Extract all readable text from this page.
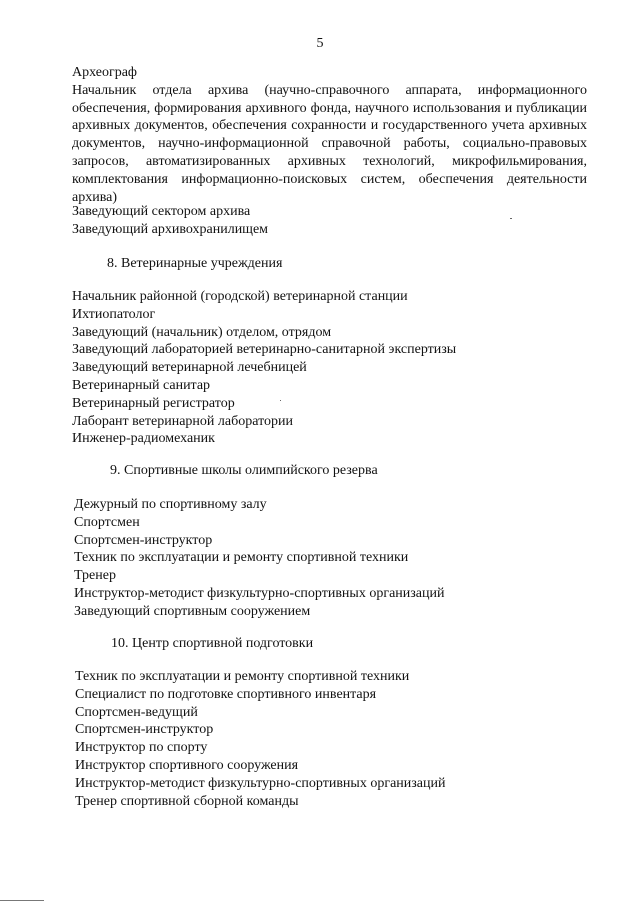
5
Археограф
Начальник отдела архива (научно-справочного аппарата, информационного обеспечения, формирования архивного фонда, научного использования и публикации архивных документов, обеспечения сохранности и государственного учета архивных документов, научно-информационной справочной работы, социально-правовых запросов, автоматизированных архивных технологий, микрофильмирования, комплектования информационно-поисковых систем, обеспечения деятельности архива)
Заведующий сектором архива
Заведующий архивохранилищем
8. Ветеринарные учреждения
Начальник районной (городской) ветеринарной станции
Ихтиопатолог
Заведующий (начальник) отделом, отрядом
Заведующий лабораторией ветеринарно-санитарной экспертизы
Заведующий ветеринарной лечебницей
Ветеринарный санитар
Ветеринарный регистратор
Лаборант ветеринарной лаборатории
Инженер-радиомеханик
9. Спортивные школы олимпийского резерва
Дежурный по спортивному залу
Спортсмен
Спортсмен-инструктор
Техник по эксплуатации и ремонту спортивной техники
Тренер
Инструктор-методист физкультурно-спортивных организаций
Заведующий спортивным сооружением
10. Центр спортивной подготовки
Техник по эксплуатации и ремонту спортивной техники
Специалист по подготовке спортивного инвентаря
Спортсмен-ведущий
Спортсмен-инструктор
Инструктор по спорту
Инструктор спортивного сооружения
Инструктор-методист физкультурно-спортивных организаций
Тренер спортивной сборной команды
